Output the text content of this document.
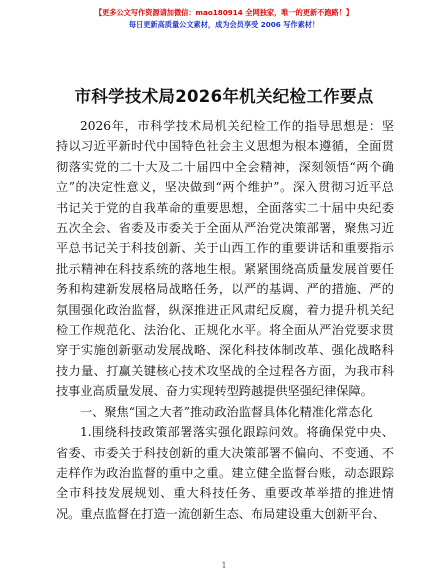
【更多公文写作资源请加微信：mao180914 全网独家，唯一的更新不跑路！】
每日更新高质量公文素材，成为会员享受 2006 写作素材！
市科学技术局2026年机关纪检工作要点

2026年，市科学技术局机关纪检工作的指导思想是：坚
持以习近平新时代中国特色社会主义思想为根本遵循，全面贯
彻落实党的二十大及二十届四中全会精神，深刻领悟“两个确
立”的决定性意义，坚决做到“两个维护”。深入贯彻习近平总
书记关于党的自我革命的重要思想，全面落实二十届中央纪委
五次全会、省委及市委关于全面从严治党决策部署，聚焦习近
平总书记关于科技创新、关于山西工作的重要讲话和重要指示
批示精神在科技系统的落地生根。紧紧围绕高质量发展首要任
务和构建新发展格局战略任务，以严的基调、严的措施、严的
氛围强化政治监督，纵深推进正风肃纪反腐，着力提升机关纪
检工作规范化、法治化、正规化水平。将全面从严治党要求贯
穿于实施创新驱动发展战略、深化科技体制改革、强化战略科
技力量、打赢关键核心技术攻坚战的全过程各方面，为我市科
技事业高质量发展、奋力实现转型跨越提供坚强纪律保障。

一、聚焦“国之大者”推动政治监督具体化精准化常态化

1.围绕科技政策部署落实强化跟踪问效。将确保党中央、
省委、市委关于科技创新的重大决策部署不偏向、不变通、不
走样作为政治监督的重中之重。建立健全监督台账，动态跟踪
全市科技发展规划、重大科技任务、重要改革举措的推进情
况。重点监督在打造一流创新生态、布局建设重大创新平台、

1
